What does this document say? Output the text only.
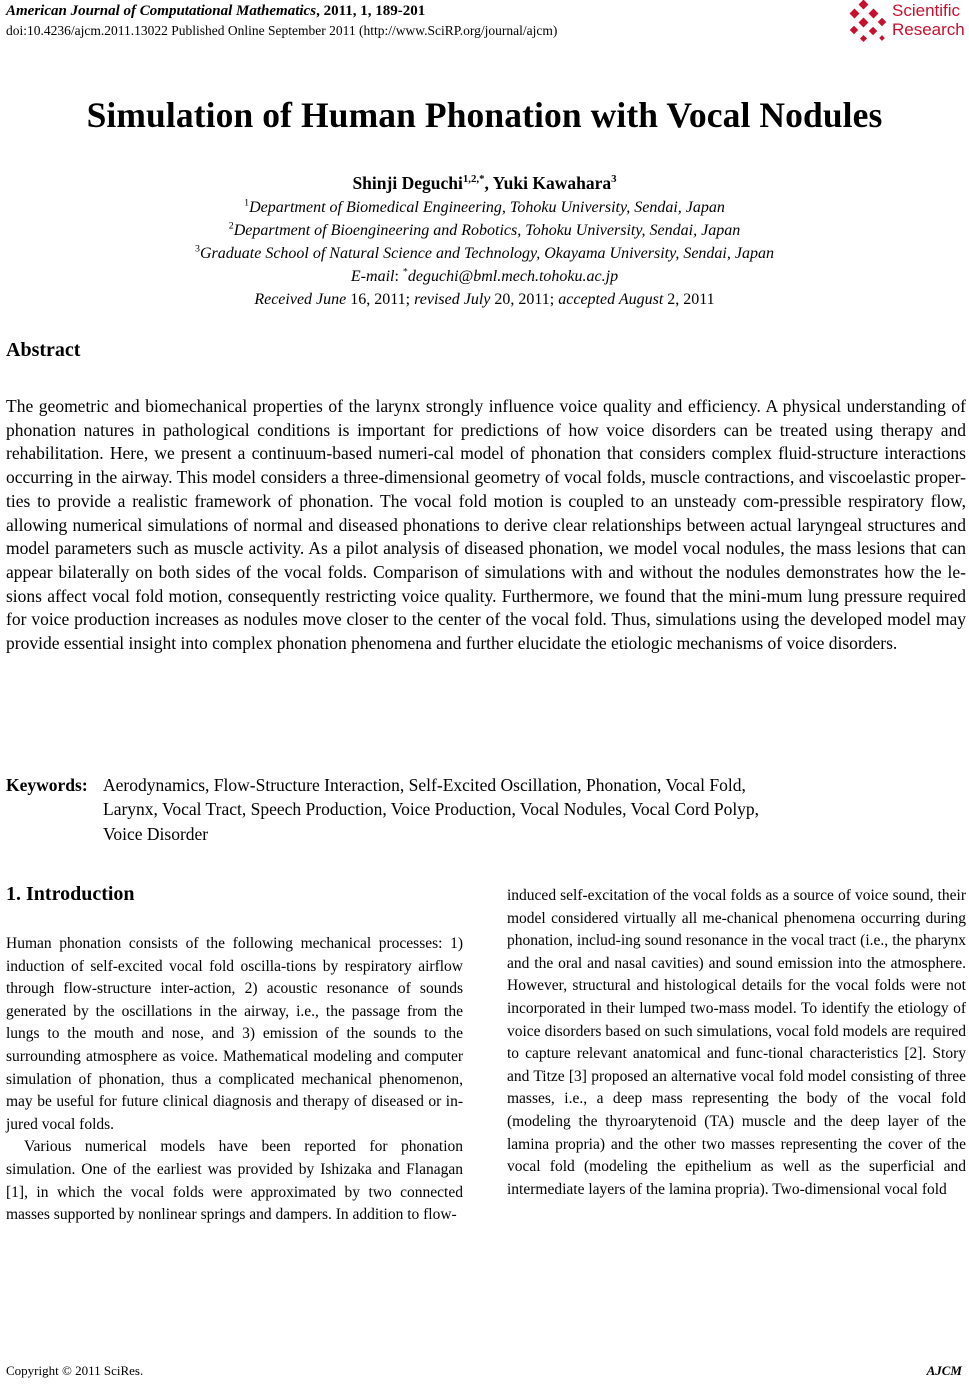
American Journal of Computational Mathematics, 2011, 1, 189-201
doi:10.4236/ajcm.2011.13022 Published Online September 2011 (http://www.SciRP.org/journal/ajcm)
Scientific
Research
Simulation of Human Phonation with Vocal Nodules
Shinji Deguchi$^{1,2,*}$, Yuki Kawahara$^3$
$^1$Department of Biomedical Engineering, Tohoku University, Sendai, Japan
$^2$Department of Bioengineering and Robotics, Tohoku University, Sendai, Japan
$^3$Graduate School of Natural Science and Technology, Okayama University, Sendai, Japan
E-mail: *deguchi@bml.mech.tohoku.ac.jp
Received June 16, 2011; revised July 20, 2011; accepted August 2, 2011
Abstract
The geometric and biomechanical properties of the larynx strongly influence voice quality and efficiency. A physical understanding of phonation natures in pathological conditions is important for predictions of how voice disorders can be treated using therapy and rehabilitation. Here, we present a continuum-based numeri-cal model of phonation that considers complex fluid-structure interactions occurring in the airway. This model considers a three-dimensional geometry of vocal folds, muscle contractions, and viscoelastic proper-ties to provide a realistic framework of phonation. The vocal fold motion is coupled to an unsteady com-pressible respiratory flow, allowing numerical simulations of normal and diseased phonations to derive clear relationships between actual laryngeal structures and model parameters such as muscle activity. As a pilot analysis of diseased phonation, we model vocal nodules, the mass lesions that can appear bilaterally on both sides of the vocal folds. Comparison of simulations with and without the nodules demonstrates how the le-sions affect vocal fold motion, consequently restricting voice quality. Furthermore, we found that the mini-mum lung pressure required for voice production increases as nodules move closer to the center of the vocal fold. Thus, simulations using the developed model may provide essential insight into complex phonation phenomena and further elucidate the etiologic mechanisms of voice disorders.
Keywords: Aerodynamics, Flow-Structure Interaction, Self-Excited Oscillation, Phonation, Vocal Fold,
Larynx, Vocal Tract, Speech Production, Voice Production, Vocal Nodules, Vocal Cord Polyp,
Voice Disorder
1. Introduction

Human phonation consists of the following mechanical processes: 1) induction of self-excited vocal fold oscilla-tions by respiratory airflow through flow-structure inter-action, 2) acoustic resonance of sounds generated by the oscillations in the airway, i.e., the passage from the lungs to the mouth and nose, and 3) emission of the sounds to the surrounding atmosphere as voice. Mathematical modeling and computer simulation of phonation, thus a complicated mechanical phenomenon, may be useful for future clinical diagnosis and therapy of diseased or in-jured vocal folds.

Various numerical models have been reported for phonation simulation. One of the earliest was provided by Ishizaka and Flanagan [1], in which the vocal folds were approximated by two connected masses supported by nonlinear springs and dampers. In addition to flow-

induced self-excitation of the vocal folds as a source of voice sound, their model considered virtually all me-chanical phenomena occurring during phonation, includ-ing sound resonance in the vocal tract (i.e., the pharynx and the oral and nasal cavities) and sound emission into the atmosphere. However, structural and histological details for the vocal folds were not incorporated in their lumped two-mass model. To identify the etiology of voice disorders based on such simulations, vocal fold models are required to capture relevant anatomical and func-tional characteristics [2]. Story and Titze [3] proposed an alternative vocal fold model consisting of three masses, i.e., a deep mass representing the body of the vocal fold (modeling the thyroarytenoid (TA) muscle and the deep layer of the lamina propria) and the other two masses representing the cover of the vocal fold (modeling the epithelium as well as the superficial and intermediate layers of the lamina propria). Two-dimensional vocal fold

Copyright © 2011 SciRes.	AJCM
